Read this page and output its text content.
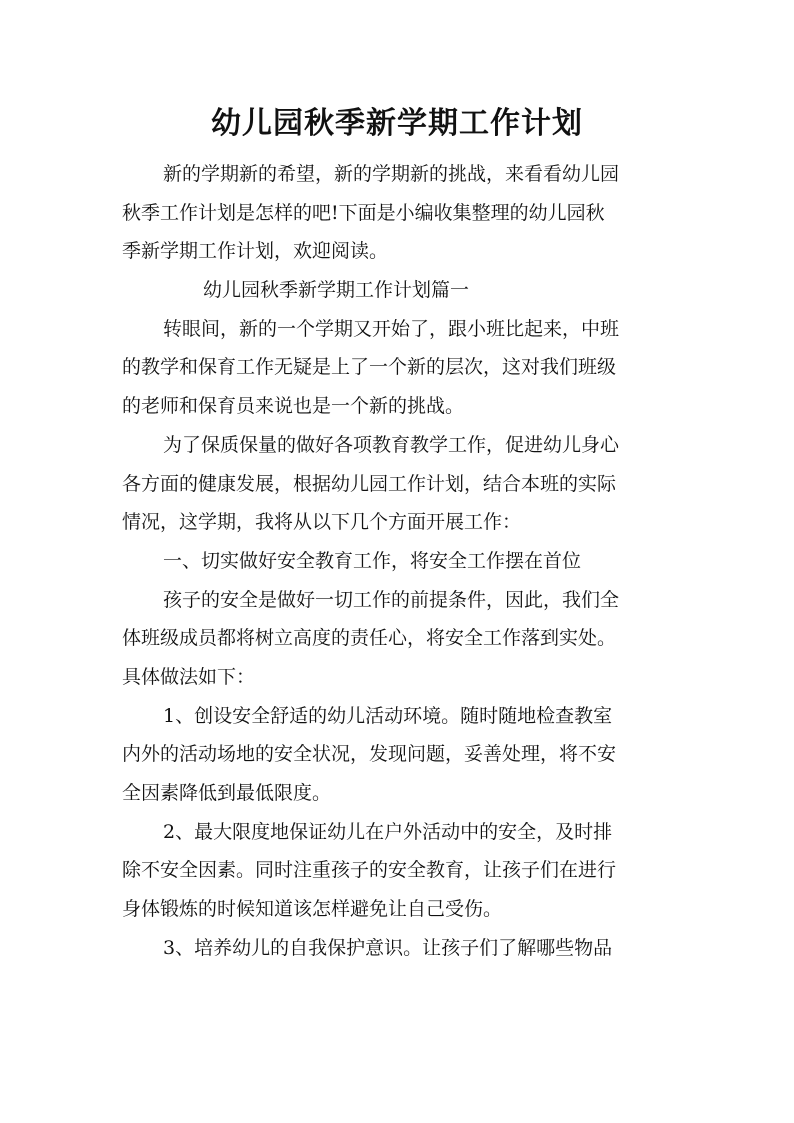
幼儿园秋季新学期工作计划
新的学期新的希望，新的学期新的挑战，来看看幼儿园
秋季工作计划是怎样的吧!下面是小编收集整理的幼儿园秋
季新学期工作计划，欢迎阅读。
幼儿园秋季新学期工作计划篇一
转眼间，新的一个学期又开始了，跟小班比起来，中班
的教学和保育工作无疑是上了一个新的层次，这对我们班级
的老师和保育员来说也是一个新的挑战。
为了保质保量的做好各项教育教学工作，促进幼儿身心
各方面的健康发展，根据幼儿园工作计划，结合本班的实际
情况，这学期，我将从以下几个方面开展工作：
一、切实做好安全教育工作，将安全工作摆在首位
孩子的安全是做好一切工作的前提条件，因此，我们全
体班级成员都将树立高度的责任心，将安全工作落到实处。
具体做法如下：
1、创设安全舒适的幼儿活动环境。随时随地检查教室
内外的活动场地的安全状况，发现问题，妥善处理，将不安
全因素降低到最低限度。
2、最大限度地保证幼儿在户外活动中的安全，及时排
除不安全因素。同时注重孩子的安全教育，让孩子们在进行
身体锻炼的时候知道该怎样避免让自己受伤。
3、培养幼儿的自我保护意识。让孩子们了解哪些物品
